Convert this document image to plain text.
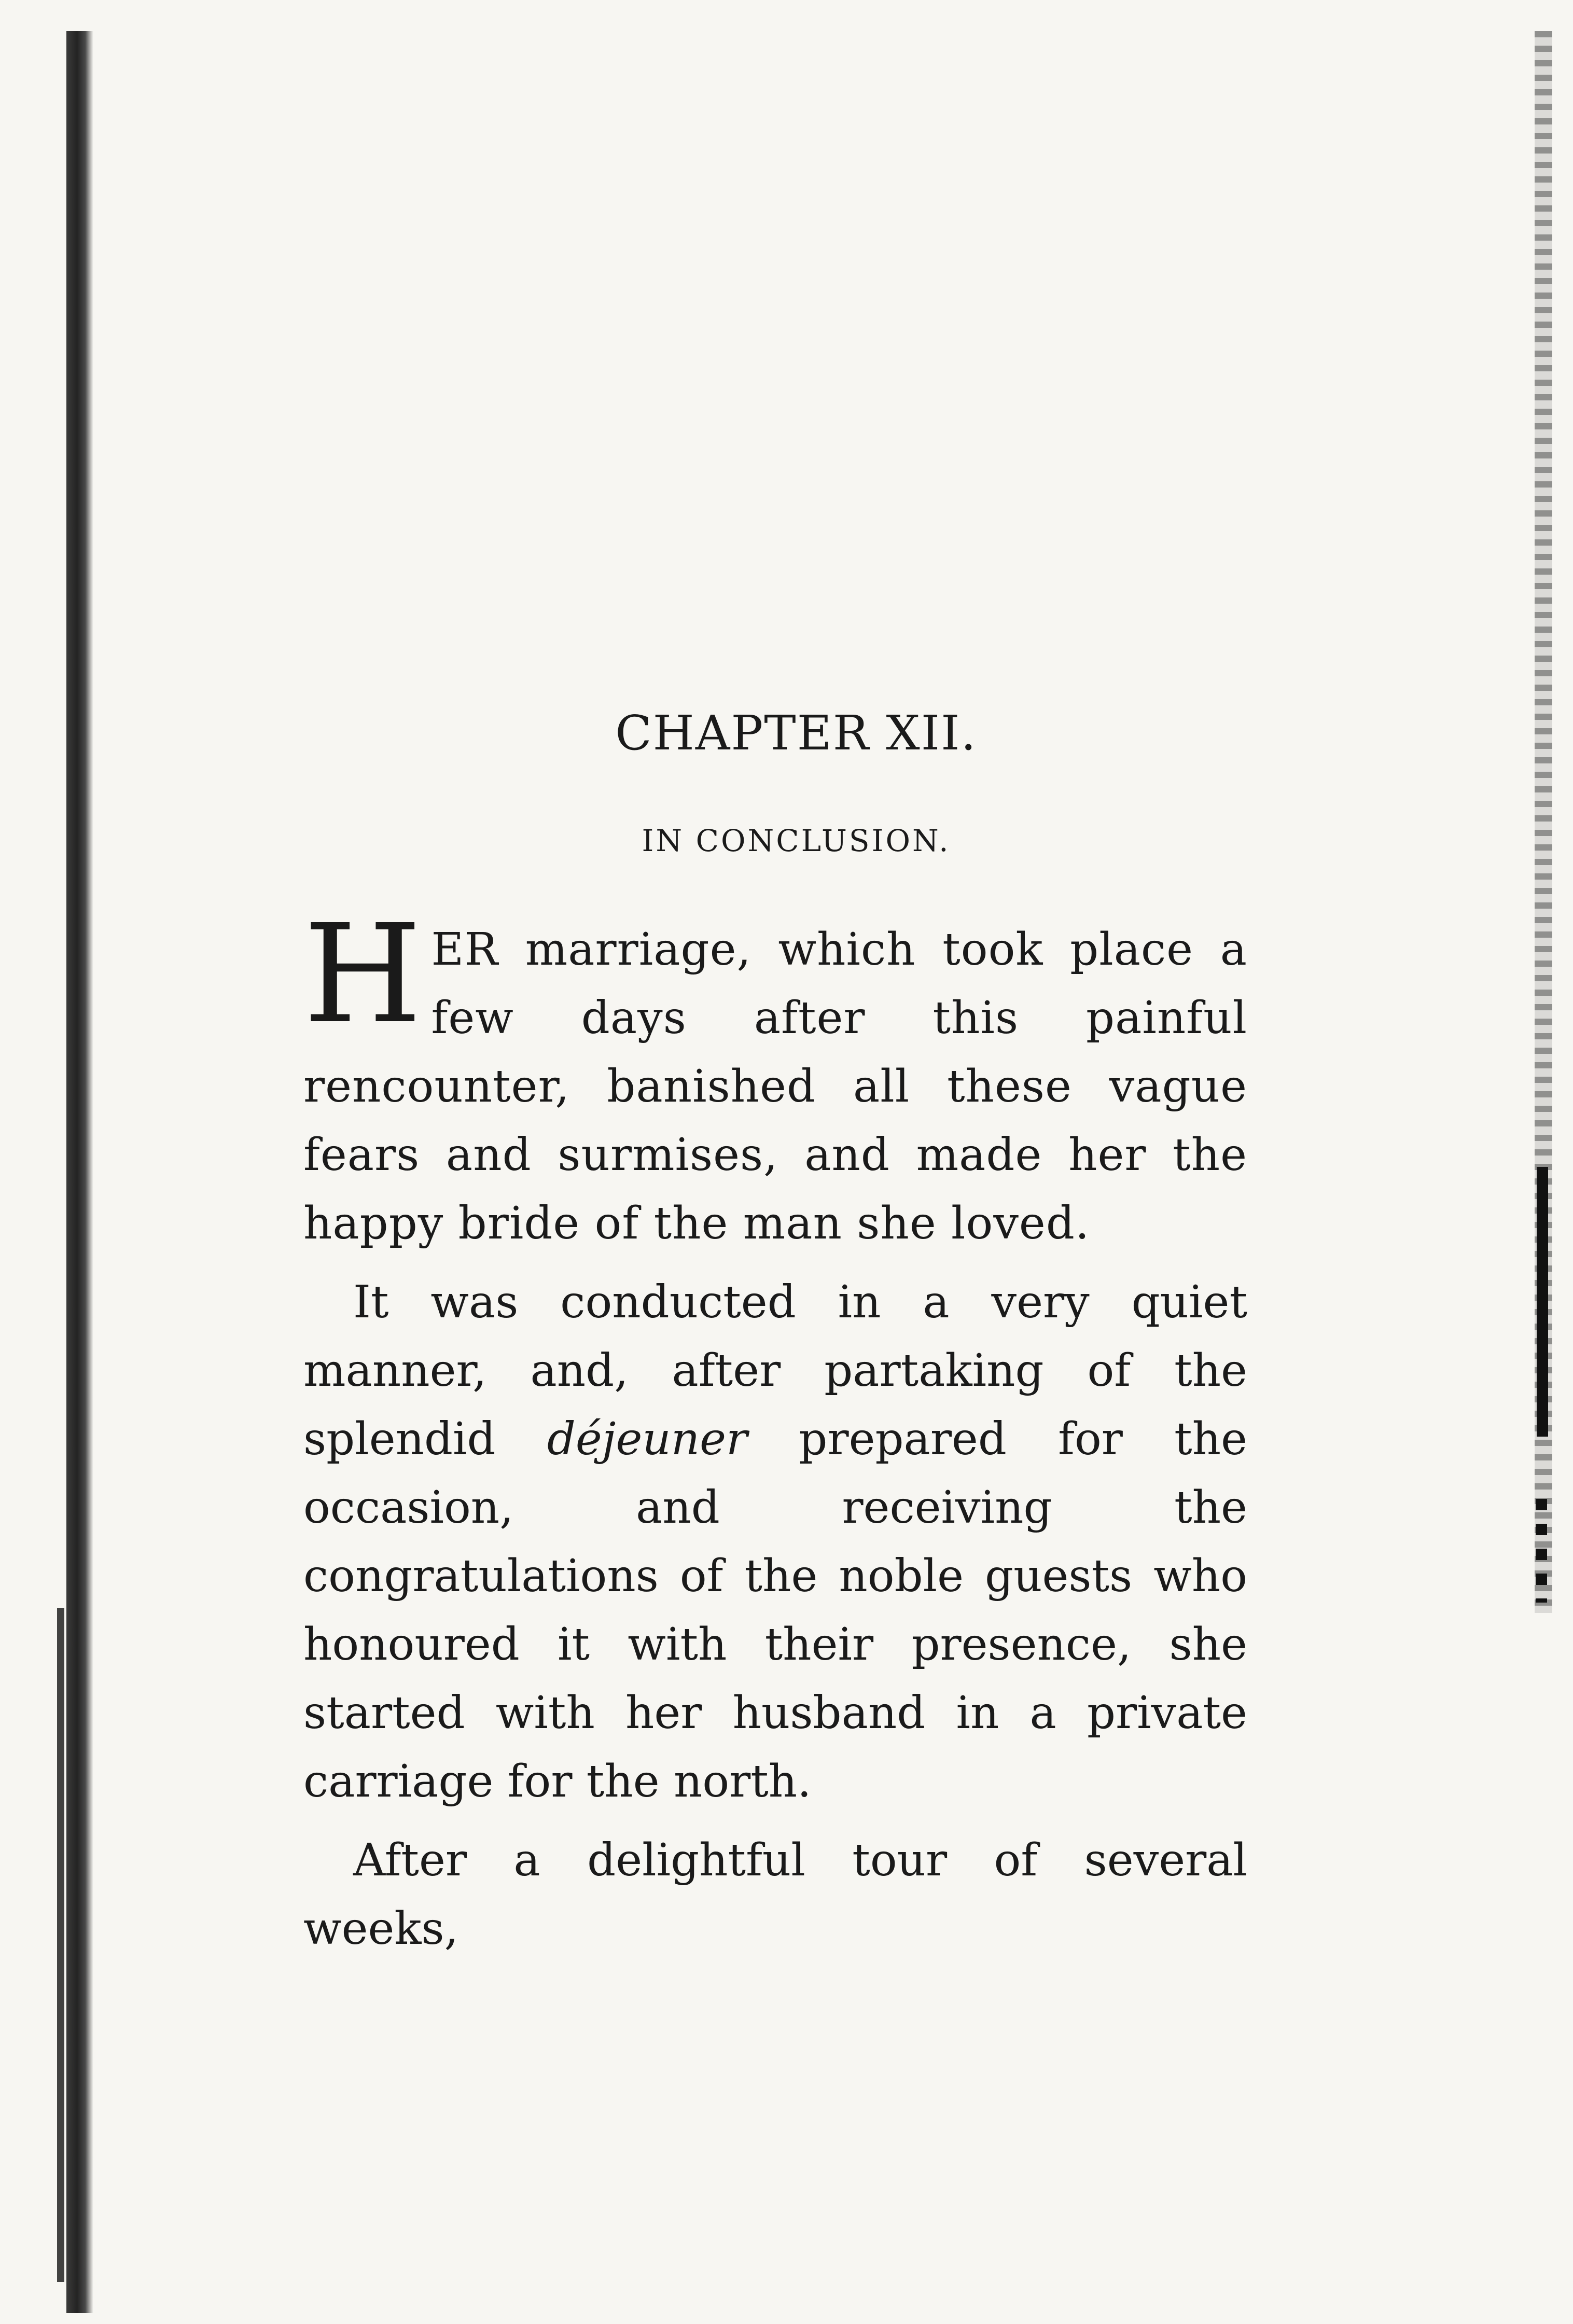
CHAPTER XII.
IN CONCLUSION.

HER marriage, which took place a few days after this painful rencounter, banished all these vague fears and surmises, and made her the happy bride of the man she loved.

It was conducted in a very quiet manner, and, after partaking of the splendid déjeuner prepared for the occasion, and receiving the congratulations of the noble guests who honoured it with their presence, she started with her husband in a private carriage for the north.

After a delightful tour of several weeks,
